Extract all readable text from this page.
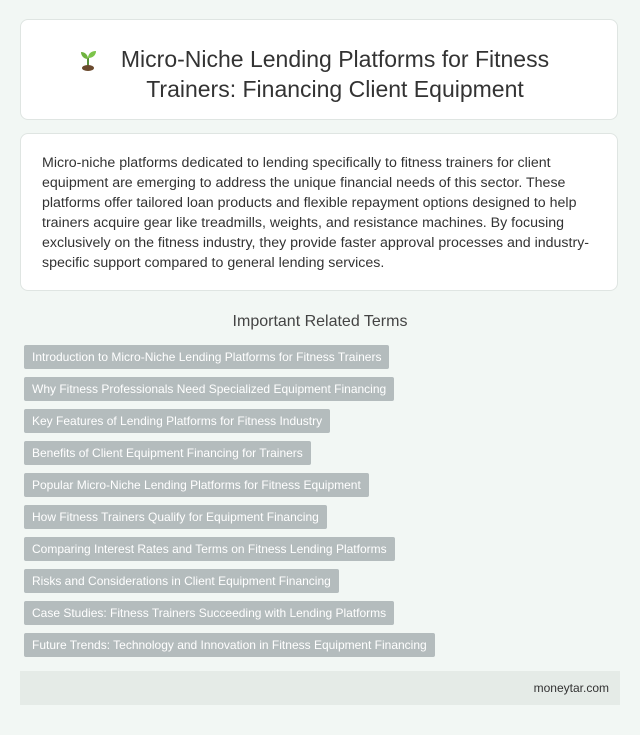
Micro-Niche Lending Platforms for Fitness Trainers: Financing Client Equipment
Micro-niche platforms dedicated to lending specifically to fitness trainers for client equipment are emerging to address the unique financial needs of this sector. These platforms offer tailored loan products and flexible repayment options designed to help trainers acquire gear like treadmills, weights, and resistance machines. By focusing exclusively on the fitness industry, they provide faster approval processes and industry-specific support compared to general lending services.
Important Related Terms
Introduction to Micro-Niche Lending Platforms for Fitness Trainers
Why Fitness Professionals Need Specialized Equipment Financing
Key Features of Lending Platforms for Fitness Industry
Benefits of Client Equipment Financing for Trainers
Popular Micro-Niche Lending Platforms for Fitness Equipment
How Fitness Trainers Qualify for Equipment Financing
Comparing Interest Rates and Terms on Fitness Lending Platforms
Risks and Considerations in Client Equipment Financing
Case Studies: Fitness Trainers Succeeding with Lending Platforms
Future Trends: Technology and Innovation in Fitness Equipment Financing
moneytar.com
